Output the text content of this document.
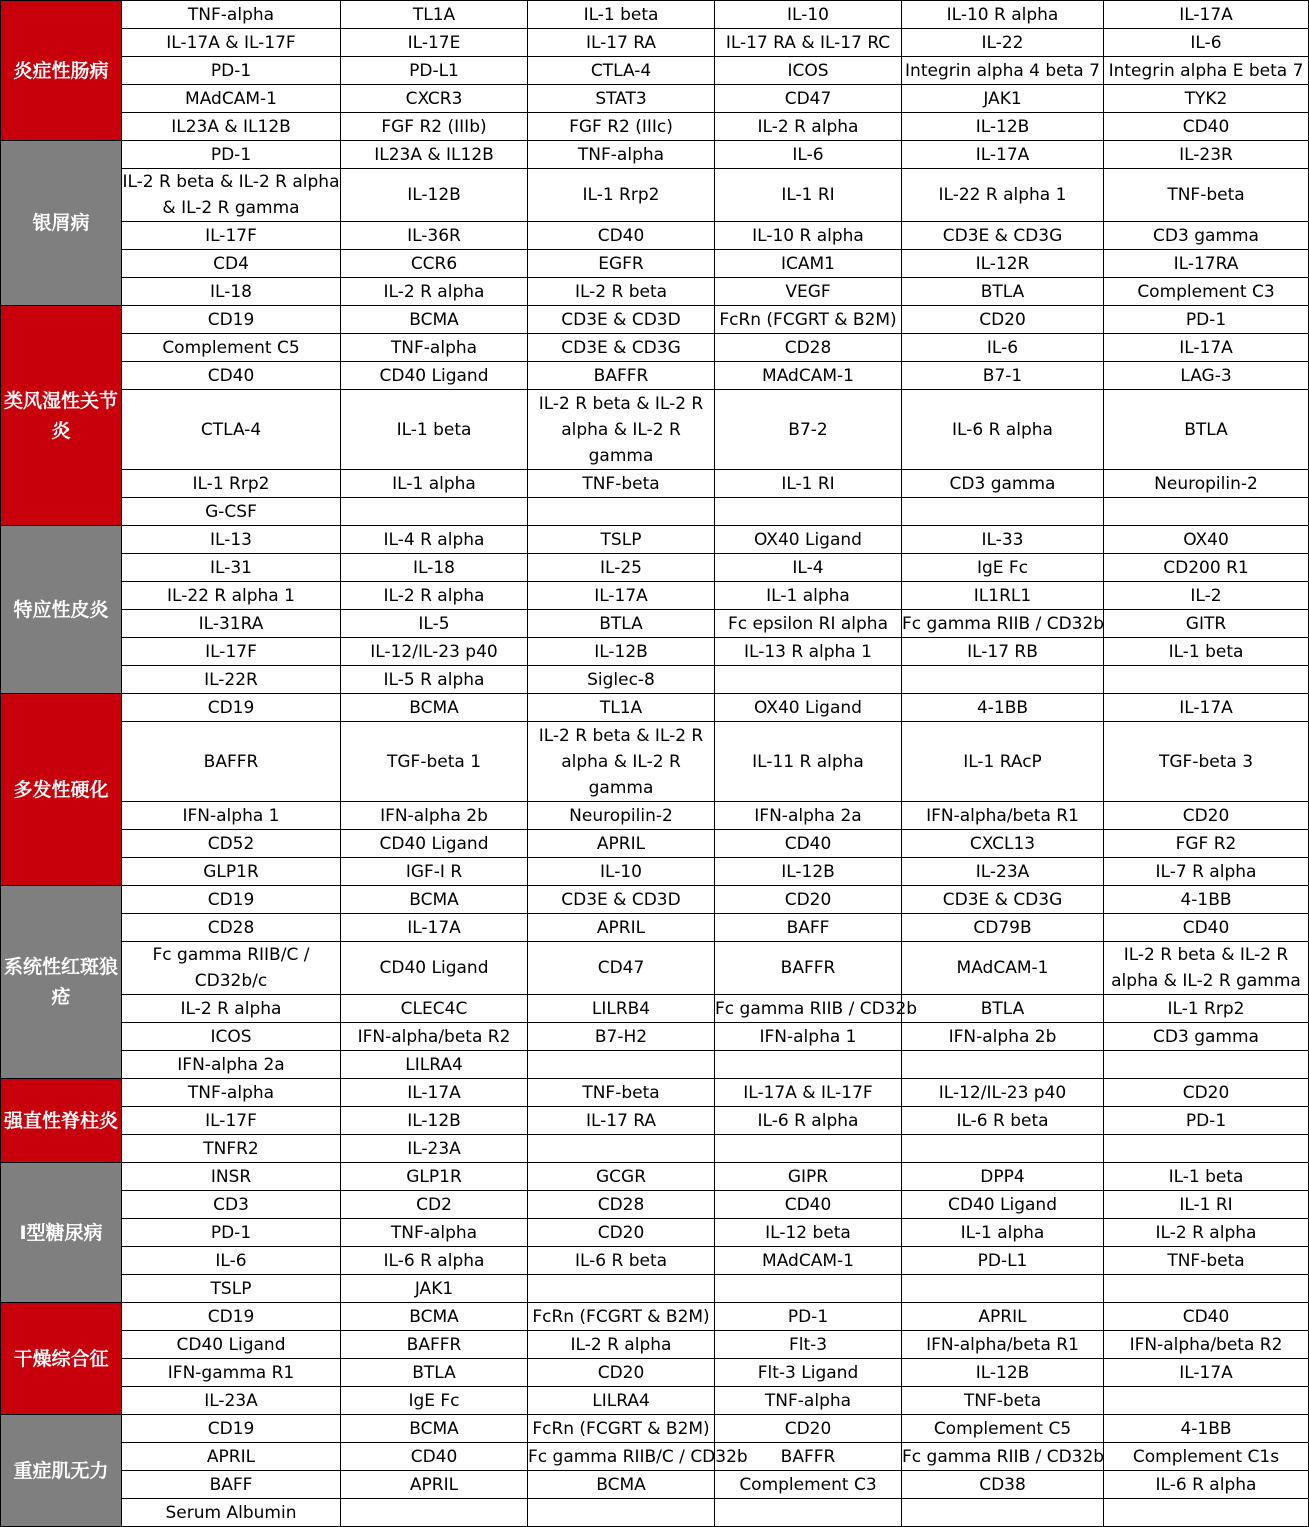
炎症性肠病	TNF-alpha	TL1A	IL-1 beta	IL-10	IL-10 R alpha	IL-17A
	IL-17A & IL-17F	IL-17E	IL-17 RA	IL-17 RA & IL-17 RC	IL-22	IL-6
	PD-1	PD-L1	CTLA-4	ICOS	Integrin alpha 4 beta 7	Integrin alpha E beta 7
	MAdCAM-1	CXCR3	STAT3	CD47	JAK1	TYK2
	IL23A & IL12B	FGF R2 (IIIb)	FGF R2 (IIIc)	IL-2 R alpha	IL-12B	CD40
银屑病	PD-1	IL23A & IL12B	TNF-alpha	IL-6	IL-17A	IL-23R
	IL-2 R beta & IL-2 R alpha & IL-2 R gamma	IL-12B	IL-1 Rrp2	IL-1 RI	IL-22 R alpha 1	TNF-beta
	IL-17F	IL-36R	CD40	IL-10 R alpha	CD3E & CD3G	CD3 gamma
	CD4	CCR6	EGFR	ICAM1	IL-12R	IL-17RA
	IL-18	IL-2 R alpha	IL-2 R beta	VEGF	BTLA	Complement C3
类风湿性关节炎	CD19	BCMA	CD3E & CD3D	FcRn (FCGRT & B2M)	CD20	PD-1
	Complement C5	TNF-alpha	CD3E & CD3G	CD28	IL-6	IL-17A
	CD40	CD40 Ligand	BAFFR	MAdCAM-1	B7-1	LAG-3
	CTLA-4	IL-1 beta	IL-2 R beta & IL-2 R alpha & IL-2 R gamma	B7-2	IL-6 R alpha	BTLA
	IL-1 Rrp2	IL-1 alpha	TNF-beta	IL-1 RI	CD3 gamma	Neuropilin-2
	G-CSF					
特应性皮炎	IL-13	IL-4 R alpha	TSLP	OX40 Ligand	IL-33	OX40
	IL-31	IL-18	IL-25	IL-4	IgE Fc	CD200 R1
	IL-22 R alpha 1	IL-2 R alpha	IL-17A	IL-1 alpha	IL1RL1	IL-2
	IL-31RA	IL-5	BTLA	Fc epsilon RI alpha	Fc gamma RIIB / CD32b	GITR
	IL-17F	IL-12/IL-23 p40	IL-12B	IL-13 R alpha 1	IL-17 RB	IL-1 beta
	IL-22R	IL-5 R alpha	Siglec-8			
多发性硬化	CD19	BCMA	TL1A	OX40 Ligand	4-1BB	IL-17A
	BAFFR	TGF-beta 1	IL-2 R beta & IL-2 R alpha & IL-2 R gamma	IL-11 R alpha	IL-1 RAcP	TGF-beta 3
	IFN-alpha 1	IFN-alpha 2b	Neuropilin-2	IFN-alpha 2a	IFN-alpha/beta R1	CD20
	CD52	CD40 Ligand	APRIL	CD40	CXCL13	FGF R2
	GLP1R	IGF-I R	IL-10	IL-12B	IL-23A	IL-7 R alpha
系统性红斑狼疮	CD19	BCMA	CD3E & CD3D	CD20	CD3E & CD3G	4-1BB
	CD28	IL-17A	APRIL	BAFF	CD79B	CD40
	Fc gamma RIIB/C / CD32b/c	CD40 Ligand	CD47	BAFFR	MAdCAM-1	IL-2 R beta & IL-2 R alpha & IL-2 R gamma
	IL-2 R alpha	CLEC4C	LILRB4	Fc gamma RIIB / CD32b	BTLA	IL-1 Rrp2
	ICOS	IFN-alpha/beta R2	B7-H2	IFN-alpha 1	IFN-alpha 2b	CD3 gamma
	IFN-alpha 2a	LILRA4				
强直性脊柱炎	TNF-alpha	IL-17A	TNF-beta	IL-17A & IL-17F	IL-12/IL-23 p40	CD20
	IL-17F	IL-12B	IL-17 RA	IL-6 R alpha	IL-6 R beta	PD-1
	TNFR2	IL-23A				
I型糖尿病	INSR	GLP1R	GCGR	GIPR	DPP4	IL-1 beta
	CD3	CD2	CD28	CD40	CD40 Ligand	IL-1 RI
	PD-1	TNF-alpha	CD20	IL-12 beta	IL-1 alpha	IL-2 R alpha
	IL-6	IL-6 R alpha	IL-6 R beta	MAdCAM-1	PD-L1	TNF-beta
	TSLP	JAK1				
干燥综合征	CD19	BCMA	FcRn (FCGRT & B2M)	PD-1	APRIL	CD40
	CD40 Ligand	BAFFR	IL-2 R alpha	Flt-3	IFN-alpha/beta R1	IFN-alpha/beta R2
	IFN-gamma R1	BTLA	CD20	Flt-3 Ligand	IL-12B	IL-17A
	IL-23A	IgE Fc	LILRA4	TNF-alpha	TNF-beta	
重症肌无力	CD19	BCMA	FcRn (FCGRT & B2M)	CD20	Complement C5	4-1BB
	APRIL	CD40	Fc gamma RIIB/C / CD32b	BAFFR	Fc gamma RIIB / CD32b	Complement C1s
	BAFF	APRIL	BCMA	Complement C3	CD38	IL-6 R alpha
	Serum Albumin					
